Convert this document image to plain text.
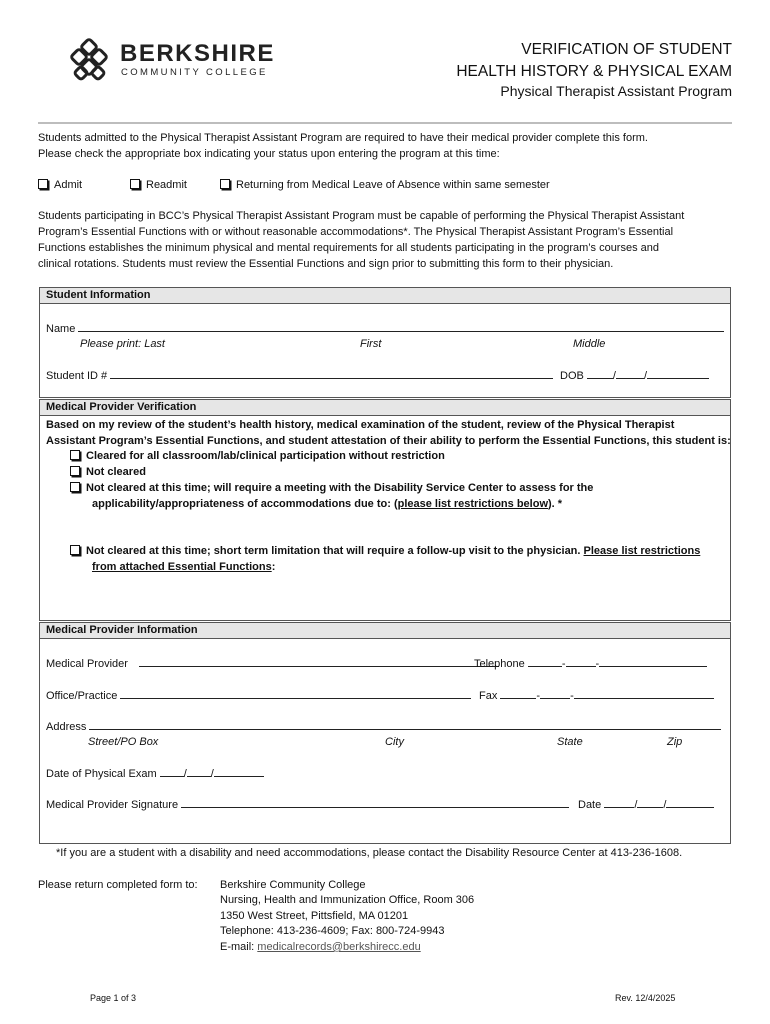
BERKSHIRE
COMMUNITY COLLEGE
VERIFICATION OF STUDENT
HEALTH HISTORY & PHYSICAL EXAM
Physical Therapist Assistant Program
Students admitted to the Physical Therapist Assistant Program are required to have their medical provider complete this form.
Please check the appropriate box indicating your status upon entering the program at this time:
Admit	Readmit	Returning from Medical Leave of Absence within same semester
Students participating in BCC’s Physical Therapist Assistant Program must be capable of performing the Physical Therapist Assistant
Program’s Essential Functions with or without reasonable accommodations*. The Physical Therapist Assistant Program’s Essential
Functions establishes the minimum physical and mental requirements for all students participating in the program’s courses and
clinical rotations. Students must review the Essential Functions and sign prior to submitting this form to their physician.
Student Information
Name
Please print: Last	First	Middle
Student ID #	DOB	/	/
Medical Provider Verification
Based on my review of the student’s health history, medical examination of the student, review of the Physical Therapist
Assistant Program’s Essential Functions, and student attestation of their ability to perform the Essential Functions, this student is:
Cleared for all classroom/lab/clinical participation without restriction
Not cleared
Not cleared at this time; will require a meeting with the Disability Service Center to assess for the
applicability/appropriateness of accommodations due to: (please list restrictions below). *
Not cleared at this time; short term limitation that will require a follow-up visit to the physician. Please list restrictions
from attached Essential Functions:
Medical Provider Information
Medical Provider	Telephone	-	-
Office/Practice	Fax	-	-
Address
Street/PO Box	City	State	Zip
Date of Physical Exam / /
Medical Provider Signature	Date	/ /
*If you are a student with a disability and need accommodations, please contact the Disability Resource Center at 413-236-1608.
Please return completed form to: Berkshire Community College
Nursing, Health and Immunization Office, Room 306
1350 West Street, Pittsfield, MA 01201
Telephone: 413-236-4609; Fax: 800-724-9943
E-mail: medicalrecords@berkshirecc.edu
Page 1 of 3	Rev. 12/4/2025
